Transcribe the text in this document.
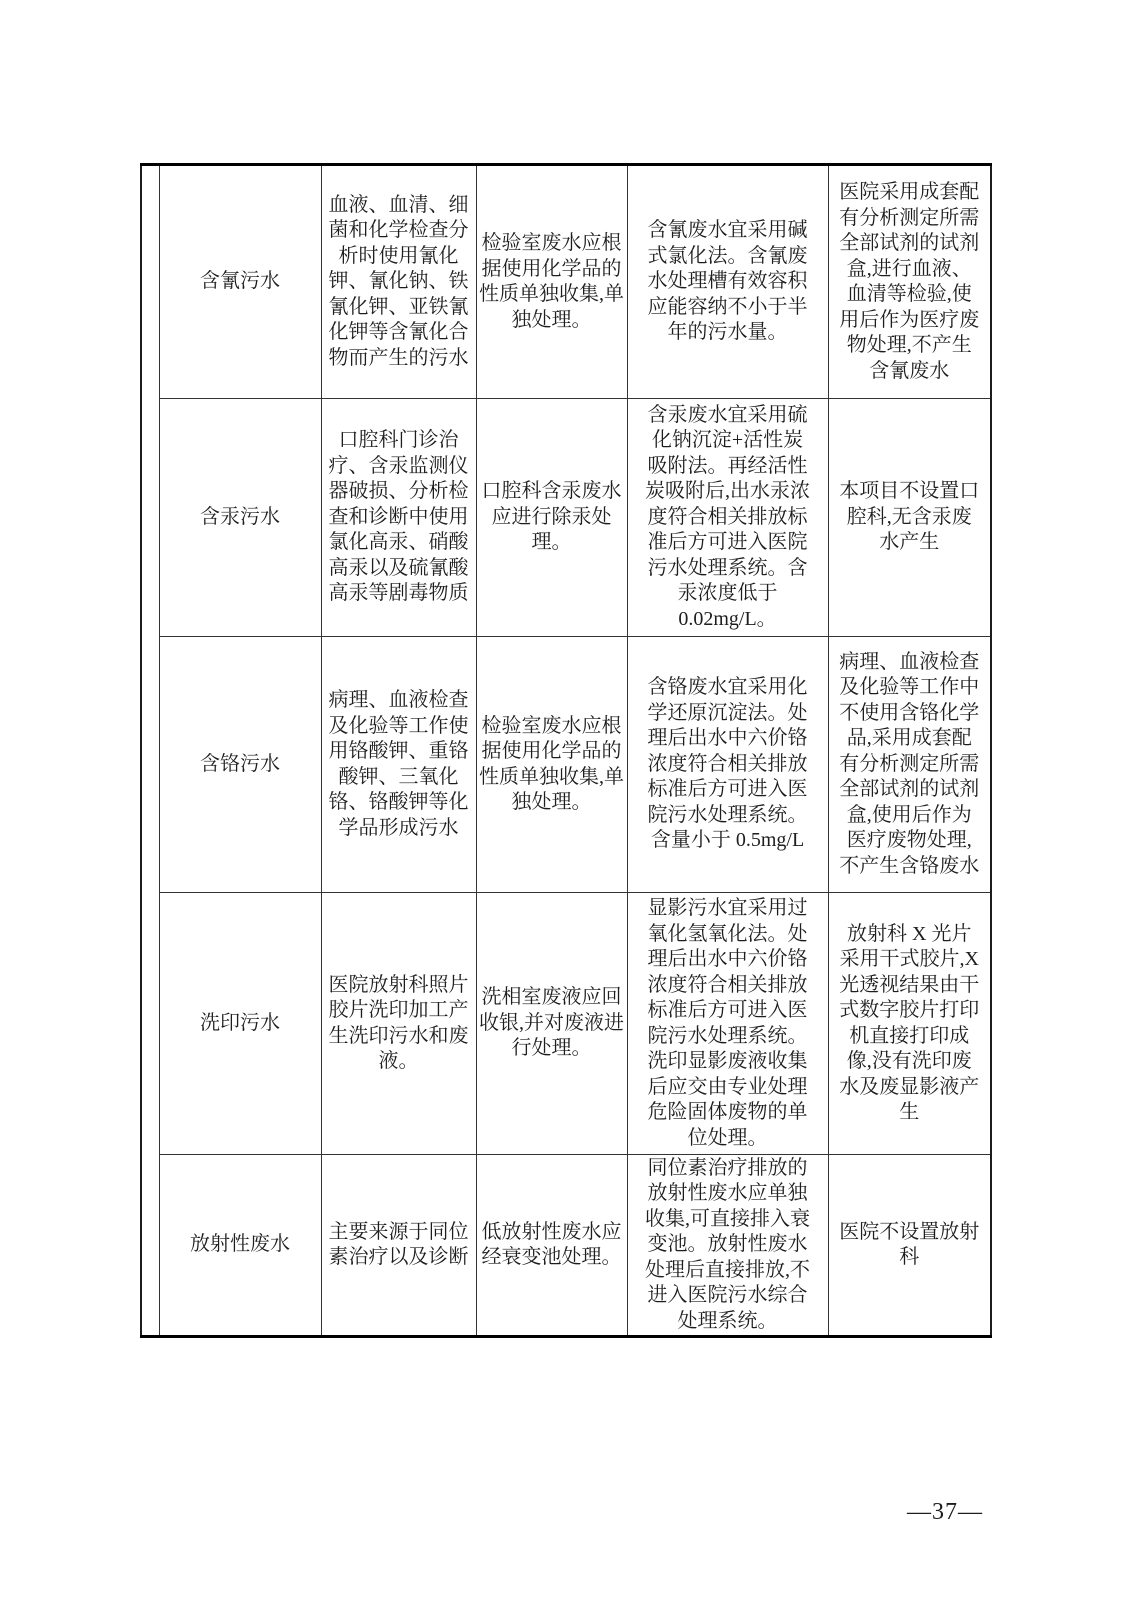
	含氰污水	血液、血清、细菌和化学检查分析时使用氰化钾、氰化钠、铁氰化钾、亚铁氰化钾等含氰化合物而产生的污水	检验室废水应根据使用化学品的性质单独收集,单独处理。	含氰废水宜采用碱式氯化法。含氰废水处理槽有效容积应能容纳不小于半年的污水量。	医院采用成套配有分析测定所需全部试剂的试剂盒,进行血液、血清等检验,使用后作为医疗废物处理,不产生含氰废水

	含汞污水	口腔科门诊治疗、含汞监测仪器破损、分析检查和诊断中使用氯化高汞、硝酸高汞以及硫氰酸高汞等剧毒物质	口腔科含汞废水应进行除汞处理。	含汞废水宜采用硫化钠沉淀+活性炭吸附法。再经活性炭吸附后,出水汞浓度符合相关排放标准后方可进入医院污水处理系统。含汞浓度低于 0.02mg/L。	本项目不设置口腔科,无含汞废水产生

	含铬污水	病理、血液检查及化验等工作使用铬酸钾、重铬酸钾、三氧化铬、铬酸钾等化学品形成污水	检验室废水应根据使用化学品的性质单独收集,单独处理。	含铬废水宜采用化学还原沉淀法。处理后出水中六价铬浓度符合相关排放标准后方可进入医院污水处理系统。含量小于 0.5mg/L	病理、血液检查及化验等工作中不使用含铬化学品,采用成套配有分析测定所需全部试剂的试剂盒,使用后作为医疗废物处理,不产生含铬废水

	洗印污水	医院放射科照片胶片洗印加工产生洗印污水和废液。	洗相室废液应回收银,并对废液进行处理。	显影污水宜采用过氧化氢氧化法。处理后出水中六价铬浓度符合相关排放标准后方可进入医院污水处理系统。洗印显影废液收集后应交由专业处理危险固体废物的单位处理。	放射科 X 光片采用干式胶片,X 光透视结果由干式数字胶片打印机直接打印成像,没有洗印废水及废显影液产生

	放射性废水	主要来源于同位素治疗以及诊断	低放射性废水应经衰变池处理。	同位素治疗排放的放射性废水应单独收集,可直接排入衰变池。放射性废水处理后直接排放,不进入医院污水综合处理系统。	医院不设置放射科
—37—
